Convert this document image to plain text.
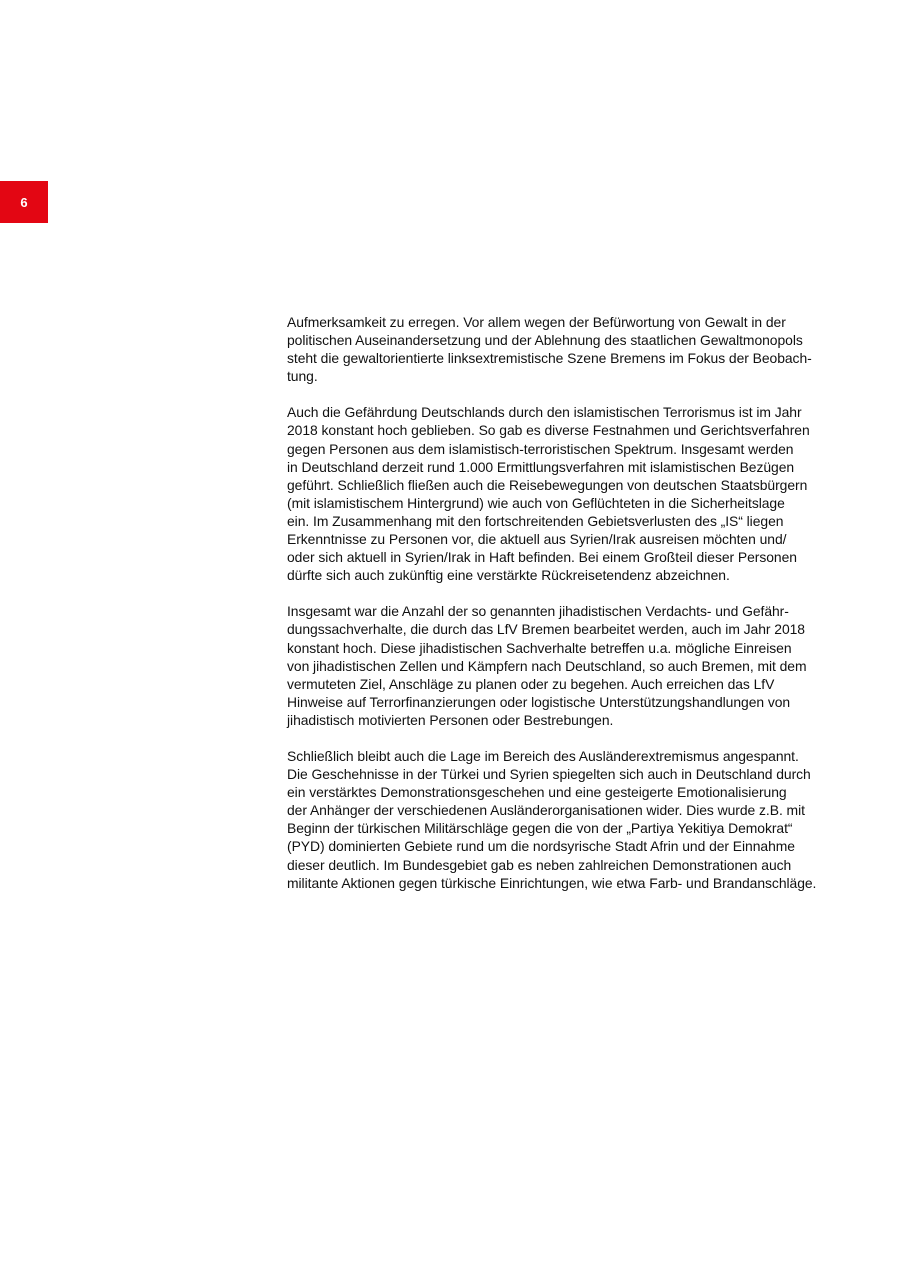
6

Aufmerksamkeit zu erregen. Vor allem wegen der Befürwortung von Gewalt in der
politischen Auseinandersetzung und der Ablehnung des staatlichen Gewaltmonopols
steht die gewaltorientierte linksextremistische Szene Bremens im Fokus der Beobach-
tung.

Auch die Gefährdung Deutschlands durch den islamistischen Terrorismus ist im Jahr
2018 konstant hoch geblieben. So gab es diverse Festnahmen und Gerichtsverfahren
gegen Personen aus dem islamistisch-terroristischen Spektrum. Insgesamt werden
in Deutschland derzeit rund 1.000 Ermittlungsverfahren mit islamistischen Bezügen
geführt. Schließlich fließen auch die Reisebewegungen von deutschen Staatsbürgern
(mit islamistischem Hintergrund) wie auch von Geflüchteten in die Sicherheitslage
ein. Im Zusammenhang mit den fortschreitenden Gebietsverlusten des „IS“ liegen
Erkenntnisse zu Personen vor, die aktuell aus Syrien/Irak ausreisen möchten und/
oder sich aktuell in Syrien/Irak in Haft befinden. Bei einem Großteil dieser Personen
dürfte sich auch zukünftig eine verstärkte Rückreisetendenz abzeichnen.

Insgesamt war die Anzahl der so genannten jihadistischen Verdachts- und Gefähr-
dungssachverhalte, die durch das LfV Bremen bearbeitet werden, auch im Jahr 2018
konstant hoch. Diese jihadistischen Sachverhalte betreffen u.a. mögliche Einreisen
von jihadistischen Zellen und Kämpfern nach Deutschland, so auch Bremen, mit dem
vermuteten Ziel, Anschläge zu planen oder zu begehen. Auch erreichen das LfV
Hinweise auf Terrorfinanzierungen oder logistische Unterstützungshandlungen von
jihadistisch motivierten Personen oder Bestrebungen.

Schließlich bleibt auch die Lage im Bereich des Ausländerextremismus angespannt.
Die Geschehnisse in der Türkei und Syrien spiegelten sich auch in Deutschland durch
ein verstärktes Demonstrationsgeschehen und eine gesteigerte Emotionalisierung
der Anhänger der verschiedenen Ausländerorganisationen wider. Dies wurde z.B. mit
Beginn der türkischen Militärschläge gegen die von der „Partiya Yekitiya Demokrat“
(PYD) dominierten Gebiete rund um die nordsyrische Stadt Afrin und der Einnahme
dieser deutlich. Im Bundesgebiet gab es neben zahlreichen Demonstrationen auch
militante Aktionen gegen türkische Einrichtungen, wie etwa Farb- und Brandanschläge.
